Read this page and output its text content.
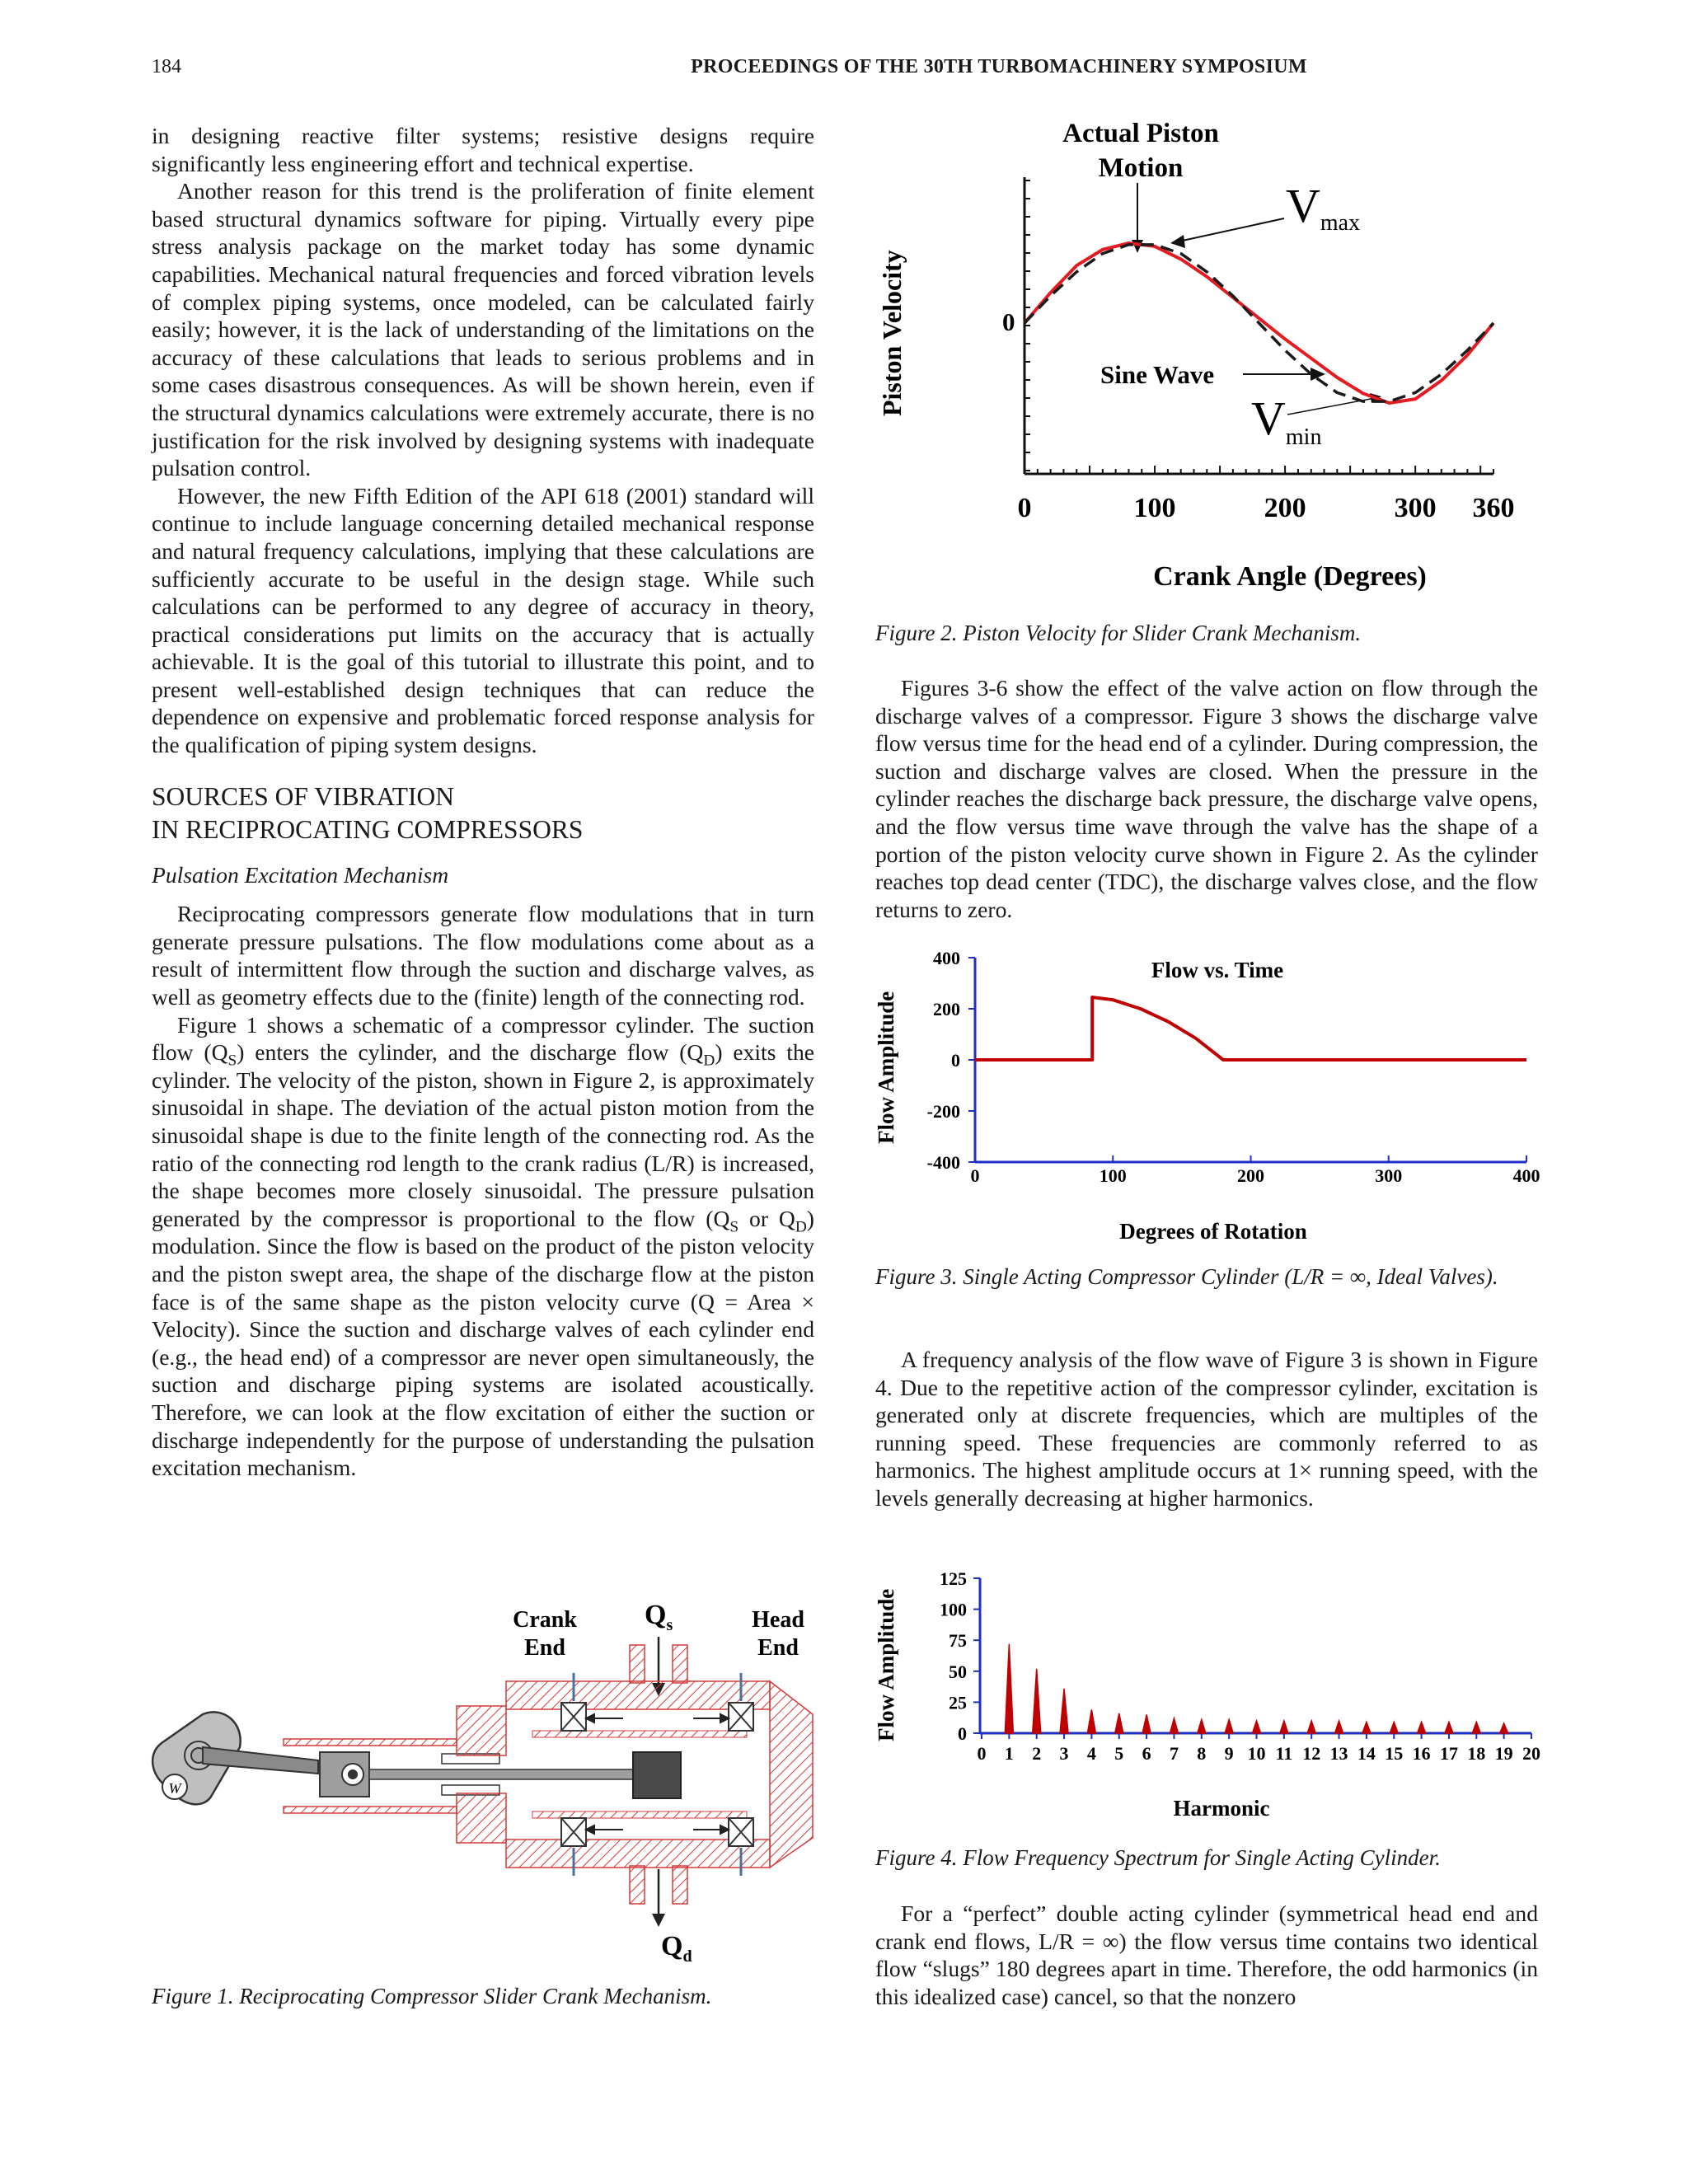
184	PROCEEDINGS OF THE 30TH TURBOMACHINERY SYMPOSIUM

in designing reactive filter systems; resistive designs require significantly less engineering effort and technical expertise.

Another reason for this trend is the proliferation of finite element based structural dynamics software for piping. Virtually every pipe stress analysis package on the market today has some dynamic capabilities. Mechanical natural frequencies and forced vibration levels of complex piping systems, once modeled, can be calculated fairly easily; however, it is the lack of understanding of the limitations on the accuracy of these calculations that leads to serious problems and in some cases disastrous consequences. As will be shown herein, even if the structural dynamics calculations were extremely accurate, there is no justification for the risk involved by designing systems with inadequate pulsation control.

However, the new Fifth Edition of the API 618 (2001) standard will continue to include language concerning detailed mechanical response and natural frequency calculations, implying that these calculations are sufficiently accurate to be useful in the design stage. While such calculations can be performed to any degree of accuracy in theory, practical considerations put limits on the accuracy that is actually achievable. It is the goal of this tutorial to illustrate this point, and to present well-established design techniques that can reduce the dependence on expensive and problematic forced response analysis for the qualification of piping system designs.

SOURCES OF VIBRATION
IN RECIPROCATING COMPRESSORS

Pulsation Excitation Mechanism

Reciprocating compressors generate flow modulations that in turn generate pressure pulsations. The flow modulations come about as a result of intermittent flow through the suction and discharge valves, as well as geometry effects due to the (finite) length of the connecting rod.

Figure 1 shows a schematic of a compressor cylinder. The suction flow $(Q_S)$ enters the cylinder, and the discharge flow $(Q_D)$ exits the cylinder. The velocity of the piston, shown in Figure 2, is approximately sinusoidal in shape. The deviation of the actual piston motion from the sinusoidal shape is due to the finite length of the connecting rod. As the ratio of the connecting rod length to the crank radius (L/R) is increased, the shape becomes more closely sinusoidal. The pressure pulsation generated by the compressor is proportional to the flow ($Q_S$ or $Q_D$) modulation. Since the flow is based on the product of the piston velocity and the piston swept area, the shape of the discharge flow at the piston face is of the same shape as the piston velocity curve (Q = Area × Velocity). Since the suction and discharge valves of each cylinder end (e.g., the head end) of a compressor are never open simultaneously, the suction and discharge piping systems are isolated acoustically. Therefore, we can look at the flow excitation of either the suction or discharge independently for the purpose of understanding the pulsation excitation mechanism.

Crank
End
Head
End
$Q_s$
$Q_d$
W
Figure 1. Reciprocating Compressor Slider Crank Mechanism.
Actual Piston
Motion
Vmax
$V_{min}$
Sine Wave
0
Piston Velocity
Crank Angle (Degrees)
0	100	200	300 360
Figure 2. Piston Velocity for Slider Crank Mechanism.

Figures 3-6 show the effect of the valve action on flow through the discharge valves of a compressor. Figure 3 shows the discharge valve flow versus time for the head end of a cylinder. During compression, the suction and discharge valves are closed. When the pressure in the cylinder reaches the discharge back pressure, the discharge valve opens, and the flow versus time wave through the valve has the shape of a portion of the piston velocity curve shown in Figure 2. As the cylinder reaches top dead center (TDC), the discharge valves close, and the flow returns to zero.

Flow vs. Time
Flow Amplitude
Degrees of Rotation
400
200
0
-200
-400
0	100	200	300	400
Figure 3. Single Acting Compressor Cylinder (L/R = ∞, Ideal Valves).

A frequency analysis of the flow wave of Figure 3 is shown in Figure 4. Due to the repetitive action of the compressor cylinder, excitation is generated only at discrete frequencies, which are multiples of the running speed. These frequencies are commonly referred to as harmonics. The highest amplitude occurs at 1× running speed, with the levels generally decreasing at higher harmonics.

Flow Amplitude
Harmonic
125
100
75
50
25
0
0 1 2 3 4 5 6 7 8 9 10 11 12 13 14 15 16 17 18 19 20
Figure 4. Flow Frequency Spectrum for Single Acting Cylinder.

For a “perfect” double acting cylinder (symmetrical head end and crank end flows, L/R = ∞) the flow versus time contains two identical flow “slugs” 180 degrees apart in time. Therefore, the odd harmonics (in this idealized case) cancel, so that the nonzero
